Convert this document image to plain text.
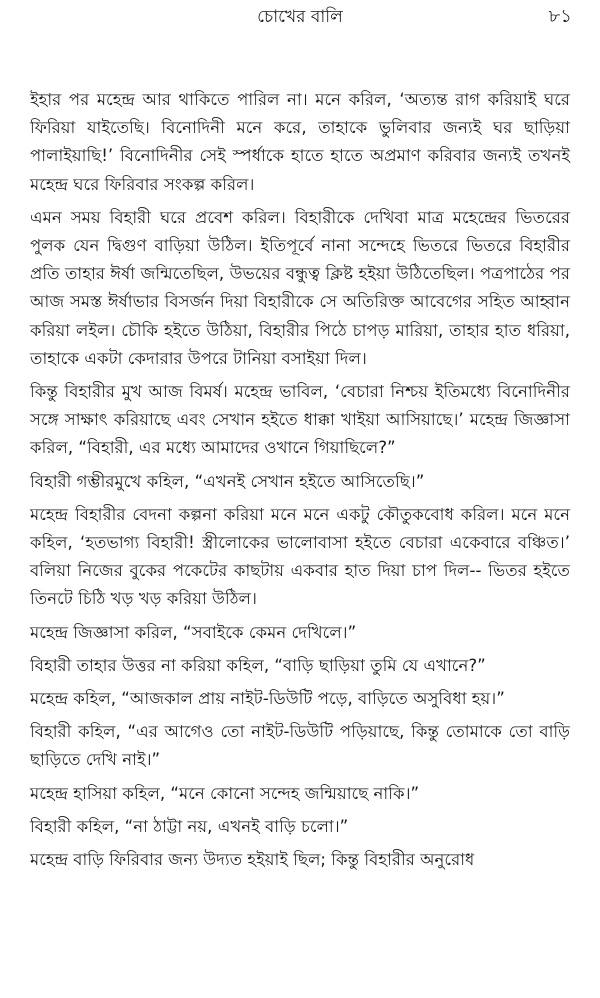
চোখের বালি	৮১

ইহার পর মহেন্দ্র আর থাকিতে পারিল না। মনে করিল, ‘অত্যন্ত রাগ করিয়াই ঘরে ফিরিয়া যাইতেছি। বিনোদিনী মনে করে, তাহাকে ভুলিবার জন্যই ঘর ছাড়িয়া পালাইয়াছি!’ বিনোদিনীর সেই স্পর্ধাকে হাতে হাতে অপ্রমাণ করিবার জন্যই তখনই মহেন্দ্র ঘরে ফিরিবার সংকল্প করিল।

এমন সময় বিহারী ঘরে প্রবেশ করিল। বিহারীকে দেখিবা মাত্র মহেন্দ্রের ভিতরের পুলক যেন দ্বিগুণ বাড়িয়া উঠিল। ইতিপূর্বে নানা সন্দেহে ভিতরে ভিতরে বিহারীর প্রতি তাহার ঈর্ষা জন্মিতেছিল, উভয়ের বন্ধুত্ব ক্লিষ্ট হইয়া উঠিতেছিল। পত্রপাঠের পর আজ সমস্ত ঈর্ষাভার বিসর্জন দিয়া বিহারীকে সে অতিরিক্ত আবেগের সহিত আহ্বান করিয়া লইল। চৌকি হইতে উঠিয়া, বিহারীর পিঠে চাপড় মারিয়া, তাহার হাত ধরিয়া, তাহাকে একটা কেদারার উপরে টানিয়া বসাইয়া দিল।

কিন্তু বিহারীর মুখ আজ বিমর্ষ। মহেন্দ্র ভাবিল, ‘বেচারা নিশ্চয় ইতিমধ্যে বিনোদিনীর সঙ্গে সাক্ষাৎ করিয়াছে এবং সেখান হইতে ধাক্কা খাইয়া আসিয়াছে।’ মহেন্দ্র জিজ্ঞাসা করিল, “বিহারী, এর মধ্যে আমাদের ওখানে গিয়াছিলে?”

বিহারী গম্ভীরমুখে কহিল, “এখনই সেখান হইতে আসিতেছি।”

মহেন্দ্র বিহারীর বেদনা কল্পনা করিয়া মনে মনে একটু কৌতুকবোধ করিল। মনে মনে কহিল, ‘হতভাগ্য বিহারী! স্ত্রীলোকের ভালোবাসা হইতে বেচারা একেবারে বঞ্চিত।’ বলিয়া নিজের বুকের পকেটের কাছটায় একবার হাত দিয়া চাপ দিল-- ভিতর হইতে তিনটে চিঠি খড় খড় করিয়া উঠিল।

মহেন্দ্র জিজ্ঞাসা করিল, “সবাইকে কেমন দেখিলে।”

বিহারী তাহার উত্তর না করিয়া কহিল, “বাড়ি ছাড়িয়া তুমি যে এখানে?”

মহেন্দ্র কহিল, “আজকাল প্রায় নাইট-ডিউটি পড়ে, বাড়িতে অসুবিধা হয়।”

বিহারী কহিল, “এর আগেও তো নাইট-ডিউটি পড়িয়াছে, কিন্তু তোমাকে তো বাড়ি ছাড়িতে দেখি নাই।”

মহেন্দ্র হাসিয়া কহিল, “মনে কোনো সন্দেহ জন্মিয়াছে নাকি।”

বিহারী কহিল, “না ঠাট্টা নয়, এখনই বাড়ি চলো।”

মহেন্দ্র বাড়ি ফিরিবার জন্য উদ্যত হইয়াই ছিল; কিন্তু বিহারীর অনুরোধ
